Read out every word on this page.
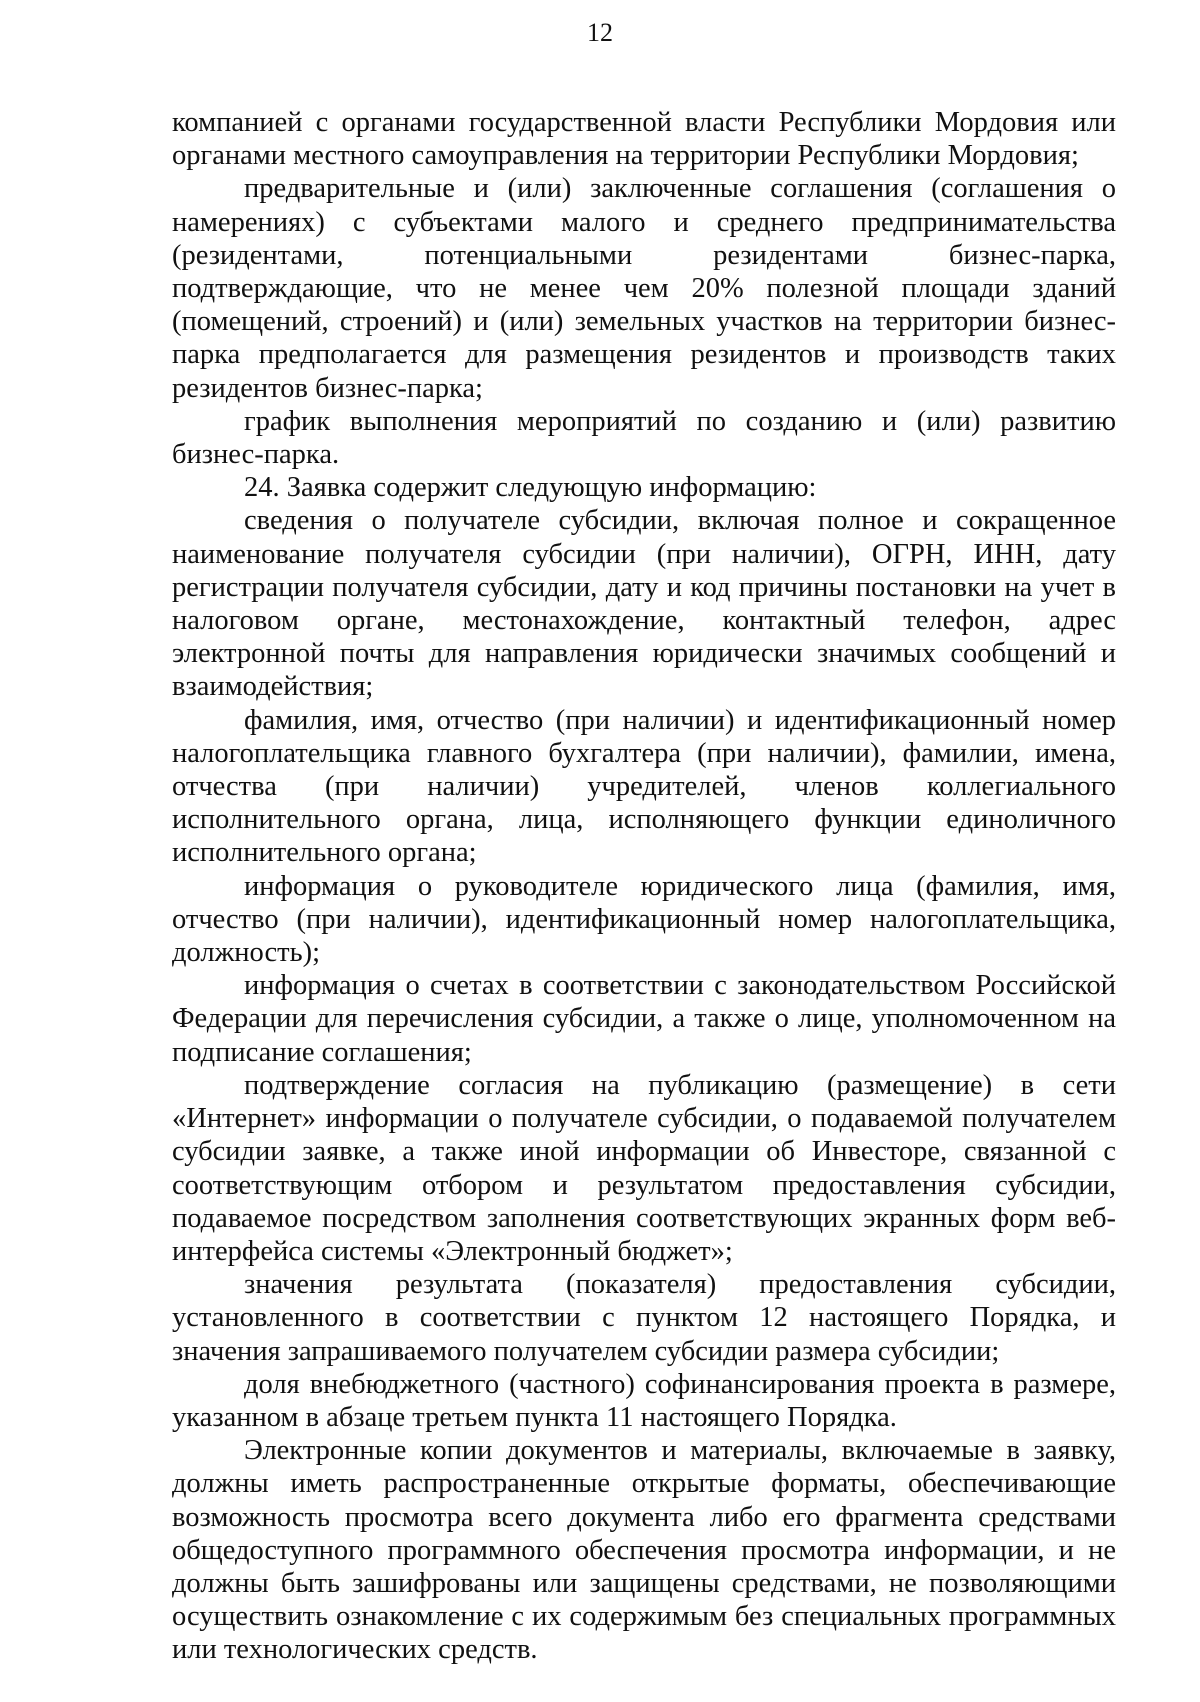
12

компанией с органами государственной власти Республики Мордовия или органами местного самоуправления на территории Республики Мордовия;

предварительные и (или) заключенные соглашения (соглашения о намерениях) с субъектами малого и среднего предпринимательства (резидентами, потенциальными резидентами бизнес-парка, подтверждающие, что не менее чем 20% полезной площади зданий (помещений, строений) и (или) земельных участков на территории бизнес-парка предполагается для размещения резидентов и производств таких резидентов бизнес-парка;

график выполнения мероприятий по созданию и (или) развитию бизнес-парка.

24. Заявка содержит следующую информацию:

сведения о получателе субсидии, включая полное и сокращенное наименование получателя субсидии (при наличии), ОГРН, ИНН, дату регистрации получателя субсидии, дату и код причины постановки на учет в налоговом органе, местонахождение, контактный телефон, адрес электронной почты для направления юридически значимых сообщений и взаимодействия;

фамилия, имя, отчество (при наличии) и идентификационный номер налогоплательщика главного бухгалтера (при наличии), фамилии, имена, отчества (при наличии) учредителей, членов коллегиального исполнительного органа, лица, исполняющего функции единоличного исполнительного органа;

информация о руководителе юридического лица (фамилия, имя, отчество (при наличии), идентификационный номер налогоплательщика, должность);

информация о счетах в соответствии с законодательством Российской Федерации для перечисления субсидии, а также о лице, уполномоченном на подписание соглашения;

подтверждение согласия на публикацию (размещение) в сети «Интернет» информации о получателе субсидии, о подаваемой получателем субсидии заявке, а также иной информации об Инвесторе, связанной с соответствующим отбором и результатом предоставления субсидии, подаваемое посредством заполнения соответствующих экранных форм веб-интерфейса системы «Электронный бюджет»;

значения результата (показателя) предоставления субсидии, установленного в соответствии с пунктом 12 настоящего Порядка, и значения запрашиваемого получателем субсидии размера субсидии;

доля внебюджетного (частного) софинансирования проекта в размере, указанном в абзаце третьем пункта 11 настоящего Порядка.

Электронные копии документов и материалы, включаемые в заявку, должны иметь распространенные открытые форматы, обеспечивающие возможность просмотра всего документа либо его фрагмента средствами общедоступного программного обеспечения просмотра информации, и не должны быть зашифрованы или защищены средствами, не позволяющими осуществить ознакомление с их содержимым без специальных программных или технологических средств.
